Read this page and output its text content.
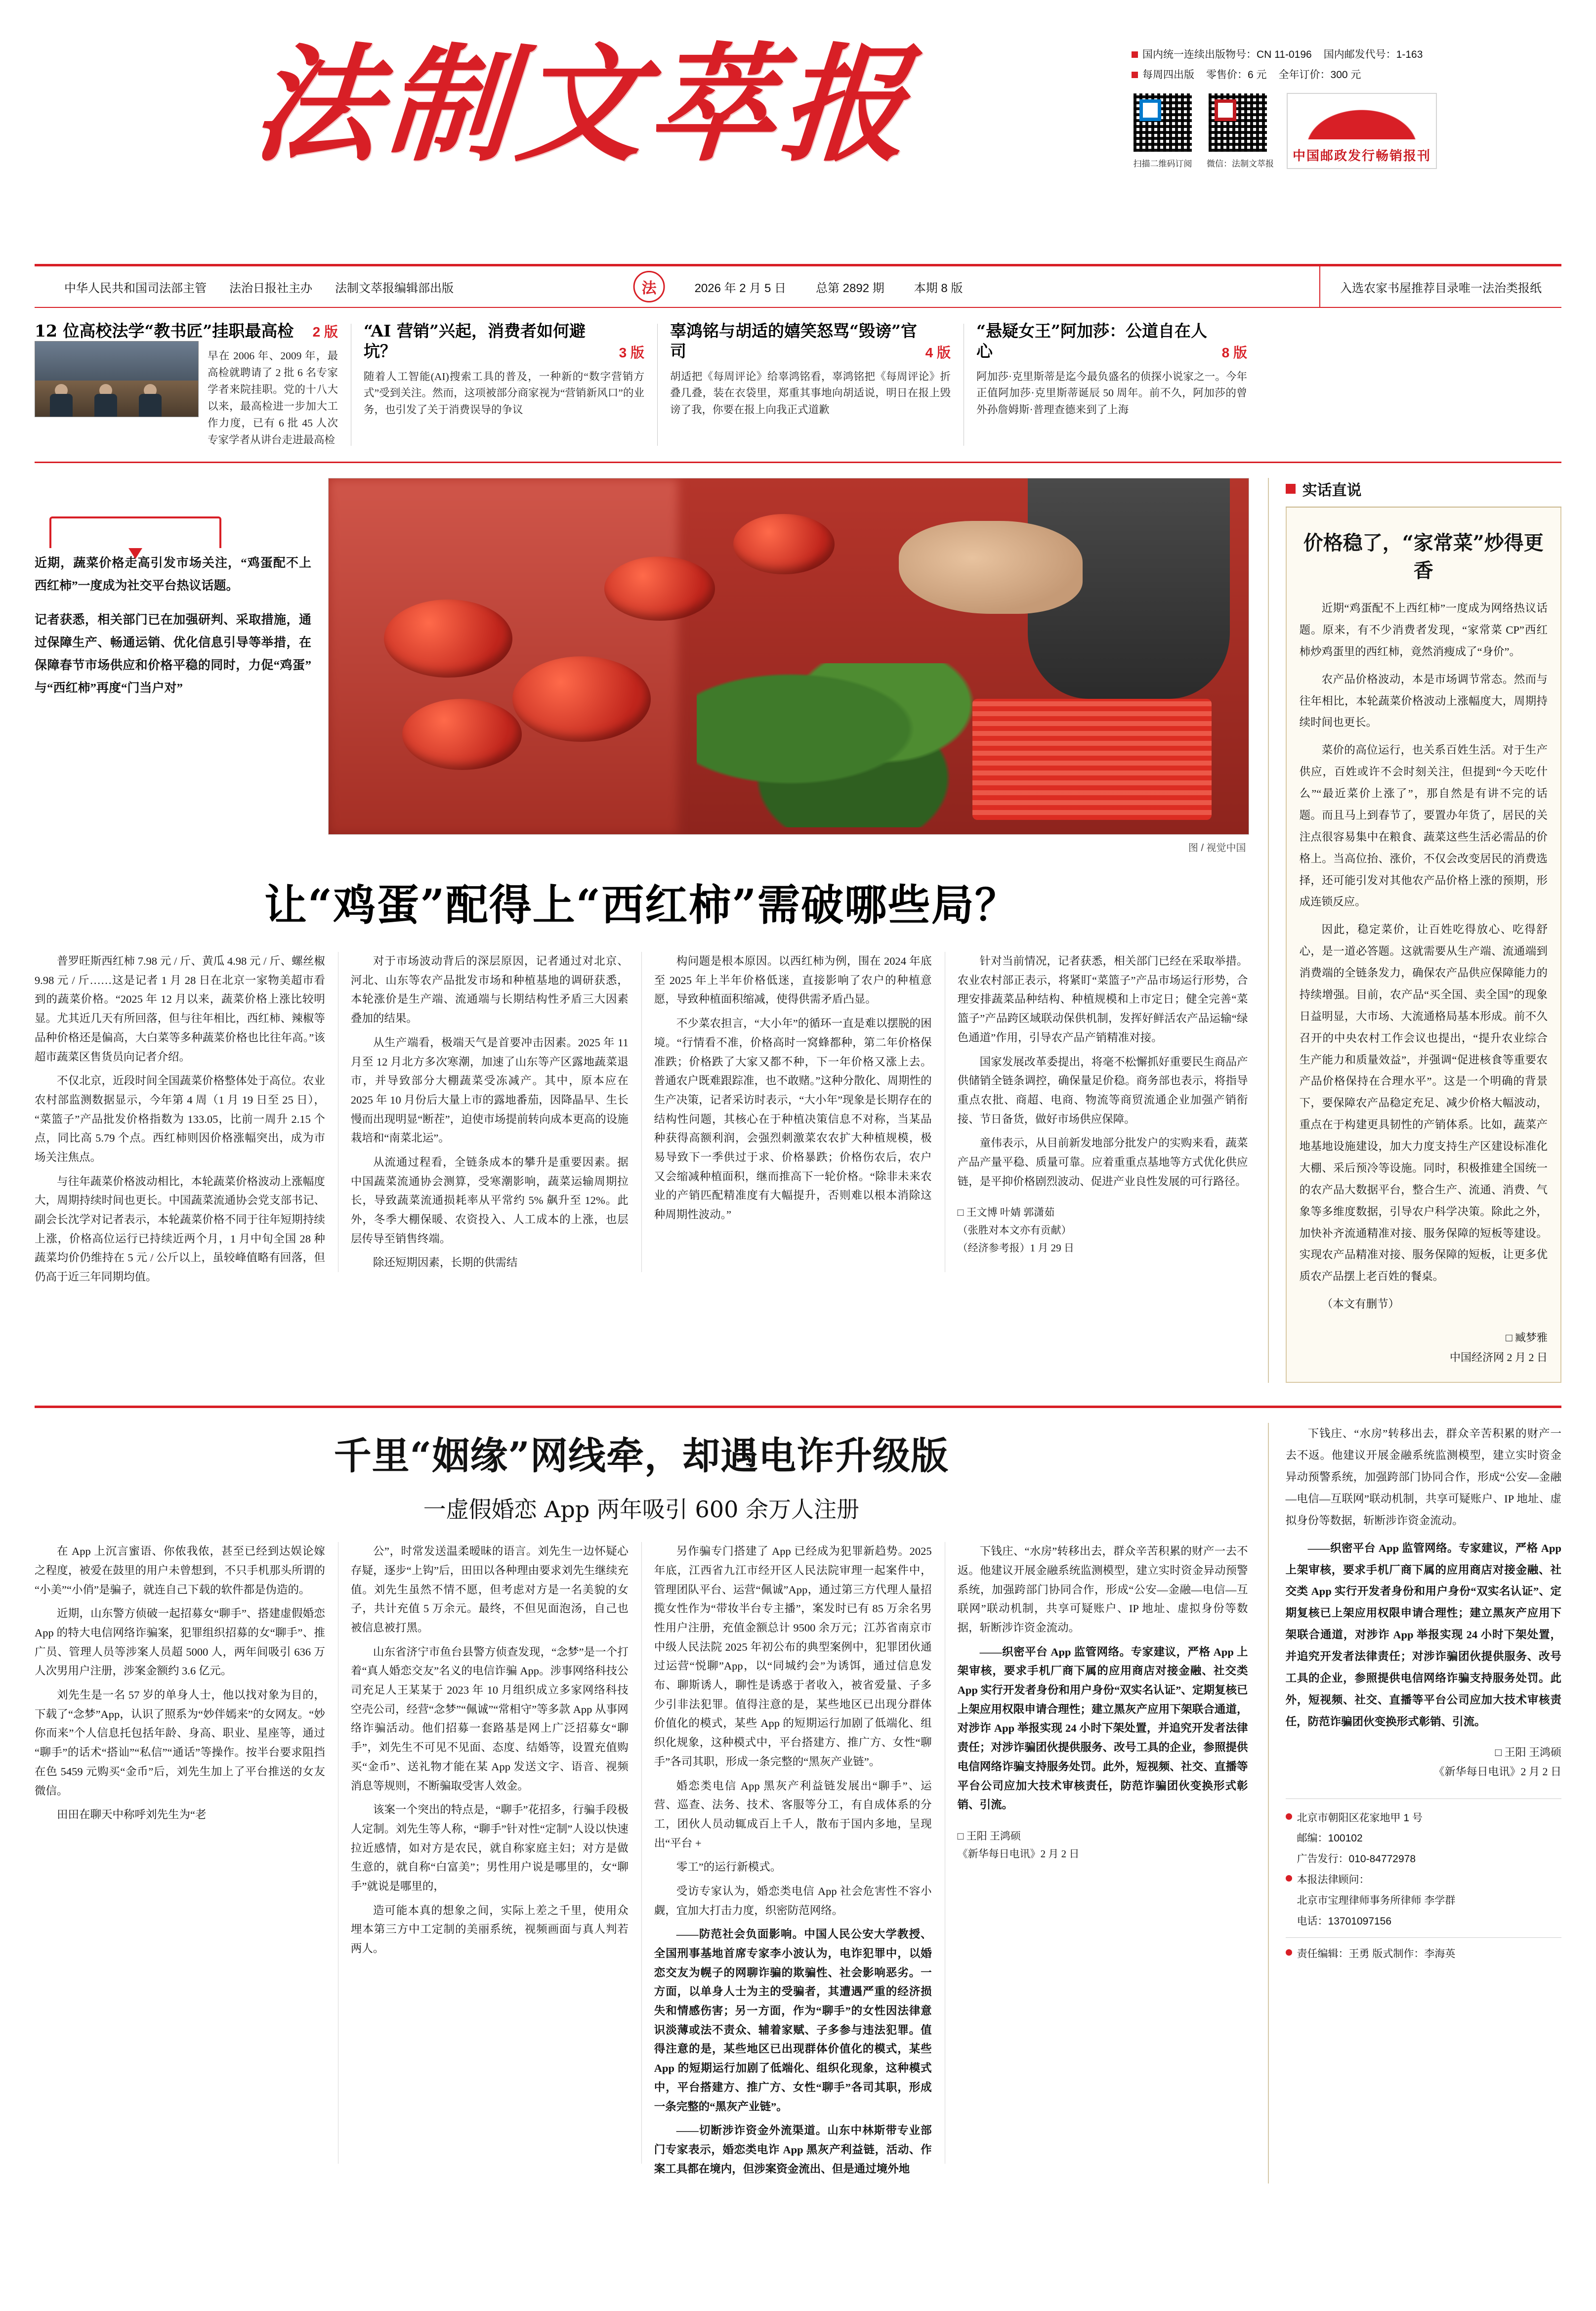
法制文萃报	国内统一连续出版物号：CN 11-0196 国内邮发代号：1-163
每周四出版 零售价：6 元 全年订价：300 元
扫描二维码订阅 微信：法制文萃报
中国邮政发行畅销报刊
中华人民共和国司法部主管 法治日报社主办 法制文萃报编辑部出版	法	2026 年 2 月 5 日	总第 2892 期	本期 8 版	入选农家书屋推荐目录唯一法治类报纸
12 位高校法学“教书匠”挂职最高检 2 版
早在 2006 年、2009 年，最高检就聘请了 2 批 6 名专家学者来院挂职。党的十八大以来，最高检进一步加大工作力度，已有 6 批 45 人次专家学者从讲台走进最高检
“AI 营销”兴起，消费者如何避坑？	3 版
随着人工智能(AI)搜索工具的普及，一种新的“数字营销方式”受到关注。然而，这项被部分商家视为“营销新风口”的业务，也引发了关于消费误导的争议
辜鸿铭与胡适的嬉笑怒骂“毁谤”官司	4 版
胡适把《每周评论》给辜鸿铭看，辜鸿铭把《每周评论》折叠几叠，装在衣袋里，郑重其事地向胡适说，明日在报上毁谤了我，你要在报上向我正式道歉
“悬疑女王”阿加莎：公道自在人心	8 版
阿加莎·克里斯蒂是迄今最负盛名的侦探小说家之一。今年正值阿加莎·克里斯蒂诞辰 50 周年。前不久，阿加莎的曾外孙詹姆斯·普理查德来到了上海

近期，蔬菜价格走高引发市场关注，“鸡蛋配不上西红柿”一度成为社交平台热议话题。

记者获悉，相关部门已在加强研判、采取措施，通过保障生产、畅通运销、优化信息引导等举措，在保障春节市场供应和价格平稳的同时，力促“鸡蛋”与“西红柿”再度“门当户对”

图 / 视觉中国
让“鸡蛋”配得上“西红柿”需破哪些局？

普罗旺斯西红柿 7.98 元 / 斤、黄瓜 4.98 元 / 斤、螺丝椒 9.98 元 / 斤……这是记者 1 月 28 日在北京一家物美超市看到的蔬菜价格。“2025 年 12 月以来，蔬菜价格上涨比较明显。尤其近几天有所回落，但与往年相比，西红柿、辣椒等品种价格还是偏高，大白菜等多种蔬菜价格也比往年高。”该超市蔬菜区售货员向记者介绍。

不仅北京，近段时间全国蔬菜价格整体处于高位。农业农村部监测数据显示，今年第 4 周（1 月 19 日至 25 日），“菜篮子”产品批发价格指数为 133.05，比前一周升 2.15 个点，同比高 5.79 个点。西红柿则因价格涨幅突出，成为市场关注焦点。

与往年蔬菜价格波动相比，本轮蔬菜价格波动上涨幅度大，周期持续时间也更长。中国蔬菜流通协会党支部书记、副会长沈学对记者表示，本轮蔬菜价格不同于往年短期持续上涨，价格高位运行已持续近两个月，1 月中旬全国 28 种蔬菜均价仍维持在 5 元 / 公斤以上，虽较峰值略有回落，但仍高于近三年同期均值。

对于市场波动背后的深层原因，记者通过对北京、河北、山东等农产品批发市场和种植基地的调研获悉，本轮涨价是生产端、流通端与长期结构性矛盾三大因素叠加的结果。

从生产端看，极端天气是首要冲击因素。2025 年 11 月至 12 月北方多次寒潮，加速了山东等产区露地蔬菜退市，并导致部分大棚蔬菜受冻减产。其中，原本应在 2025 年 10 月份后大量上市的露地番茄，因降晶早、生长慢而出现明显“断茬”，迫使市场提前转向成本更高的设施栽培和“南菜北运”。

从流通过程看，全链条成本的攀升是重要因素。据中国蔬菜流通协会测算，受寒潮影响，蔬菜运输周期拉长，导致蔬菜流通损耗率从平常约 5% 飙升至 12%。此外，冬季大棚保暖、农资投入、人工成本的上涨，也层层传导至销售终端。

除还短期因素，长期的供需结

构问题是根本原因。以西红柿为例，围在 2024 年底至 2025 年上半年价格低迷，直接影响了农户的种植意愿，导致种植面积缩减，使得供需矛盾凸显。

不少菜农担言，“大小年”的循环一直是难以摆脱的困境。“行情看不准，价格高时一窝蜂都种，第二年价格保准跌；价格跌了大家又都不种，下一年价格又涨上去。普通农户既难跟踪准，也不敢赌。”这种分散化、周期性的生产决策，记者采访时表示，“大小年”现象是长期存在的结构性问题，其核心在于种植决策信息不对称，当某品种获得高额利润，会强烈刺激菜农农扩大种植规模，极易导致下一季供过于求、价格暴跌；价格伤农后，农户又会缩减种植面积，继而推高下一轮价格。“除非未来农业的产销匹配精准度有大幅提升，否则难以根本消除这种周期性波动。”

针对当前情况，记者获悉，相关部门已经在采取举措。农业农村部正表示，将紧盯“菜篮子”产品市场运行形势，合理安排蔬菜品种结构、种植规模和上市定日；健全完善“菜篮子”产品跨区域联动保供机制，发挥好鲜活农产品运输“绿色通道”作用，引导农产品产销精准对接。

国家发展改革委提出，将毫不松懈抓好重要民生商品产供储销全链条调控，确保量足价稳。商务部也表示，将指导重点农批、商超、电商、物流等商贸流通企业加强产销衔接、节日备货，做好市场供应保障。

童伟表示，从目前新发地部分批发户的实购来看，蔬菜产品产量平稳、质量可靠。应着重重点基地等方式优化供应链，是平抑价格剧烈波动、促进产业良性发展的可行路径。

□ 王文博 叶婧 郭潇茹
（张胜对本文亦有贡献）
（经济参考报）1 月 29 日
实话直说
价格稳了，“家常菜”炒得更香

近期“鸡蛋配不上西红柿”一度成为网络热议话题。原来，有不少消费者发现，“家常菜 CP”西红柿炒鸡蛋里的西红柿，竟然消瘦成了“身价”。

农产品价格波动，本是市场调节常态。然而与往年相比，本轮蔬菜价格波动上涨幅度大，周期持续时间也更长。

菜价的高位运行，也关系百姓生活。对于生产供应，百姓或许不会时刻关注，但提到“今天吃什么”“最近菜价上涨了”，那自然是有讲不完的话题。而且马上到春节了，要置办年货了，居民的关注点很容易集中在粮食、蔬菜这些生活必需品的价格上。当高位抬、涨价，不仅会改变居民的消费选择，还可能引发对其他农产品价格上涨的预期，形成连锁反应。

因此，稳定菜价，让百姓吃得放心、吃得舒心，是一道必答题。这就需要从生产端、流通端到消费端的全链条发力，确保农产品供应保障能力的持续增强。目前，农产品“买全国、卖全国”的现象日益明显，大市场、大流通格局基本形成。前不久召开的中央农村工作会议也提出，“提升农业综合生产能力和质量效益”，并强调“促进核食等重要农产品价格保持在合理水平”。这是一个明确的背景下，要保障农产品稳定充足、减少价格大幅波动，重点在于构建更具韧性的产销体系。比如，蔬菜产地基地设施建设，加大力度支持生产区建设标准化大棚、采后预冷等设施。同时，积极推建全国统一的农产品大数据平台，整合生产、流通、消费、气象等多维度数据，引导农户科学决策。除此之外，加快补齐流通精准对接、服务保障的短板等建设。实现农产品精准对接、服务保障的短板，让更多优质农产品摆上老百姓的餐桌。

（本文有删节）

□ 臧梦雅
中国经济网 2 月 2 日
千里“姻缘”网线牵，却遇电诈升级版
一虚假婚恋 App 两年吸引 600 余万人注册

在 App 上沉言蜜语、你侬我侬，甚至已经到达娱论嫁之程度，被爱在鼓里的用户未曾想到，不只手机那头所谓的“小美”“小俏”是骗子，就连自己下载的软件都是伪造的。

近期，山东警方侦破一起招募女“聊手”、搭建虚假婚恋 App 的特大电信网络诈骗案，犯罪组织招募的女“聊手”、推广员、管理人员等涉案人员超 5000 人，两年间吸引 636 万人次男用户注册，涉案金额约 3.6 亿元。

刘先生是一名 57 岁的单身人士，他以找对象为目的，下载了“念梦”App，认识了照系为“妙伴嫣来”的女网友。“妙你而来”个人信息托包括年龄、身高、职业、星座等，通过“聊手”的话术“搭讪”“私信”“通话”等操作。按半台要求阻挡在色 5459 元购买“金币”后，刘先生加上了平台推送的女友微信。

田田在聊天中称呼刘先生为“老

公”，时常发送温柔暧昧的语言。刘先生一边怀疑心存疑，逐步“上钩”后，田田以各种理由要求刘先生继续充值。刘先生虽然不情不愿，但考虑对方是一名美貌的女子，共计充值 5 万余元。最终，不但见面泡汤，自己也被信息被打黑。

山东省济宁市鱼台县警方侦查发现，“念梦”是一个打着“真人婚恋交友”名义的电信诈骗 App。涉事网络科技公司充足人王某某于 2023 年 10 月组织成立多家网络科技空壳公司，经营“念梦”“佩诚”“常相守”等多款 App 从事网络诈骗活动。他们招募一套路基是网上广泛招募女“聊手”，刘先生不可见不见面、态度、结婚等，设置充值购买“金币”、送礼物才能在某 App 发送文字、语音、视频消息等规则，不断骗取受害人效金。

该案一个突出的特点是，“聊手”花招多，行骗手段极人定制。刘先生等人称，“聊手”针对性“定制”人设以快速拉近感情，如对方是农民，就自称家庭主妇；对方是做生意的，就自称“白富美”；男性用户说是哪里的，女“聊手”就说是哪里的，

造可能本真的想象之间，实际上差之千里，使用众埋本第三方中工定制的美丽系统，视频画面与真人判若两人。

另作骗专门搭建了 App 已经成为犯罪新趋势。2025 年底，江西省九江市经开区人民法院审理一起案件中，管理团队平台、运营“佩诚”App，通过第三方代理人量招揽女性作为“带妆半台专主播”，案发时已有 85 万余名男性用户注册，充值金额总计 9500 余万元；江苏省南京市中级人民法院 2025 年初公布的典型案例中，犯罪团伙通过运营“悦聊”App，以“同城约会”为诱饵，通过信息发布、聊斯诱人，聊性是诱惑于者收入，被省爱量、子多少引非法犯罪。值得注意的是，某些地区已出现分群体价值化的模式，某些 App 的短期运行加剧了低端化、组织化规象，这种模式中，平台搭建方、推广方、女性“聊手”各司其职，形成一条完整的“黑灰产业链”。

婚恋类电信 App 黑灰产利益链发展出“聊手”、运营、巡查、法务、技术、客服等分工，有自成体系的分工，团伙人员动辄成百上千人，散布于国内多地，呈现出“平台 +

零工”的运行新模式。

受访专家认为，婚恋类电信 App 社会危害性不容小觑，宜加大打击力度，织密防范网络。

——防范社会负面影响。中国人民公安大学教授、全国刑事基地首席专家李小波认为，电诈犯罪中，以婚恋交友为幌子的网聊诈骗的欺骗性、社会影响恶劣。一方面，以单身人士为主的受骗者，其遭遇严重的经济损失和情感伤害；另一方面，作为“聊手”的女性因法律意识淡薄或法不责众、辅着家赋、子多参与违法犯罪。值得注意的是，某些地区已出现群体价值化的模式，某些 App 的短期运行加剧了低端化、组织化现象，这种模式中，平台搭建方、推广方、女性“聊手”各司其职，形成一条完整的“黑灰产业链”。

——切断涉诈资金外流渠道。山东中林斯带专业部门专家表示，婚恋类电诈 App 黑灰产利益链，活动、作案工具都在境内，但涉案资金流出、但是通过境外地

下钱庄、“水房”转移出去，群众辛苦积累的财产一去不返。他建议开展金融系统监测模型，建立实时资金异动预警系统，加强跨部门协同合作，形成“公安—金融—电信—互联网”联动机制，共享可疑账户、IP 地址、虚拟身份等数据，斩断涉诈资金流动。

——织密平台 App 监管网络。专家建议，严格 App 上架审核，要求手机厂商下属的应用商店对接金融、社交类 App 实行开发者身份和用户身份“双实名认证”、定期复核已上架应用权限申请合理性；建立黑灰产应用下架联合通道，对涉诈 App 举报实现 24 小时下架处置，并追究开发者法律责任；对涉诈骗团伙提供服务、改号工具的企业，参照提供电信网络诈骗支持服务处罚。此外，短视频、社交、直播等平台公司应加大技术审核责任，防范诈骗团伙变换形式彰销、引流。

□ 王阳 王鸿硕
《新华每日电讯》2 月 2 日

下钱庄、“水房”转移出去，群众辛苦积累的财产一去不返。他建议开展金融系统监测模型，建立实时资金异动预警系统，加强跨部门协同合作，形成“公安—金融—电信—互联网”联动机制，共享可疑账户、IP 地址、虚拟身份等数据，斩断涉诈资金流动。

——织密平台 App 监管网络。专家建议，严格 App 上架审核，要求手机厂商下属的应用商店对接金融、社交类 App 实行开发者身份和用户身份“双实名认证”、定期复核已上架应用权限申请合理性；建立黑灰产应用下架联合通道，对涉诈 App 举报实现 24 小时下架处置，并追究开发者法律责任；对涉诈骗团伙提供服务、改号工具的企业，参照提供电信网络诈骗支持服务处罚。此外，短视频、社交、直播等平台公司应加大技术审核责任，防范诈骗团伙变换形式彰销、引流。

□ 王阳 王鸿硕
《新华每日电讯》2 月 2 日
北京市朝阳区花家地甲 1 号
邮编：100102
广告发行：010-84772978
本报法律顾问：
北京市宝理律师事务所律师 李学群
电话：13701097156
责任编辑：王勇 版式制作：李海英
